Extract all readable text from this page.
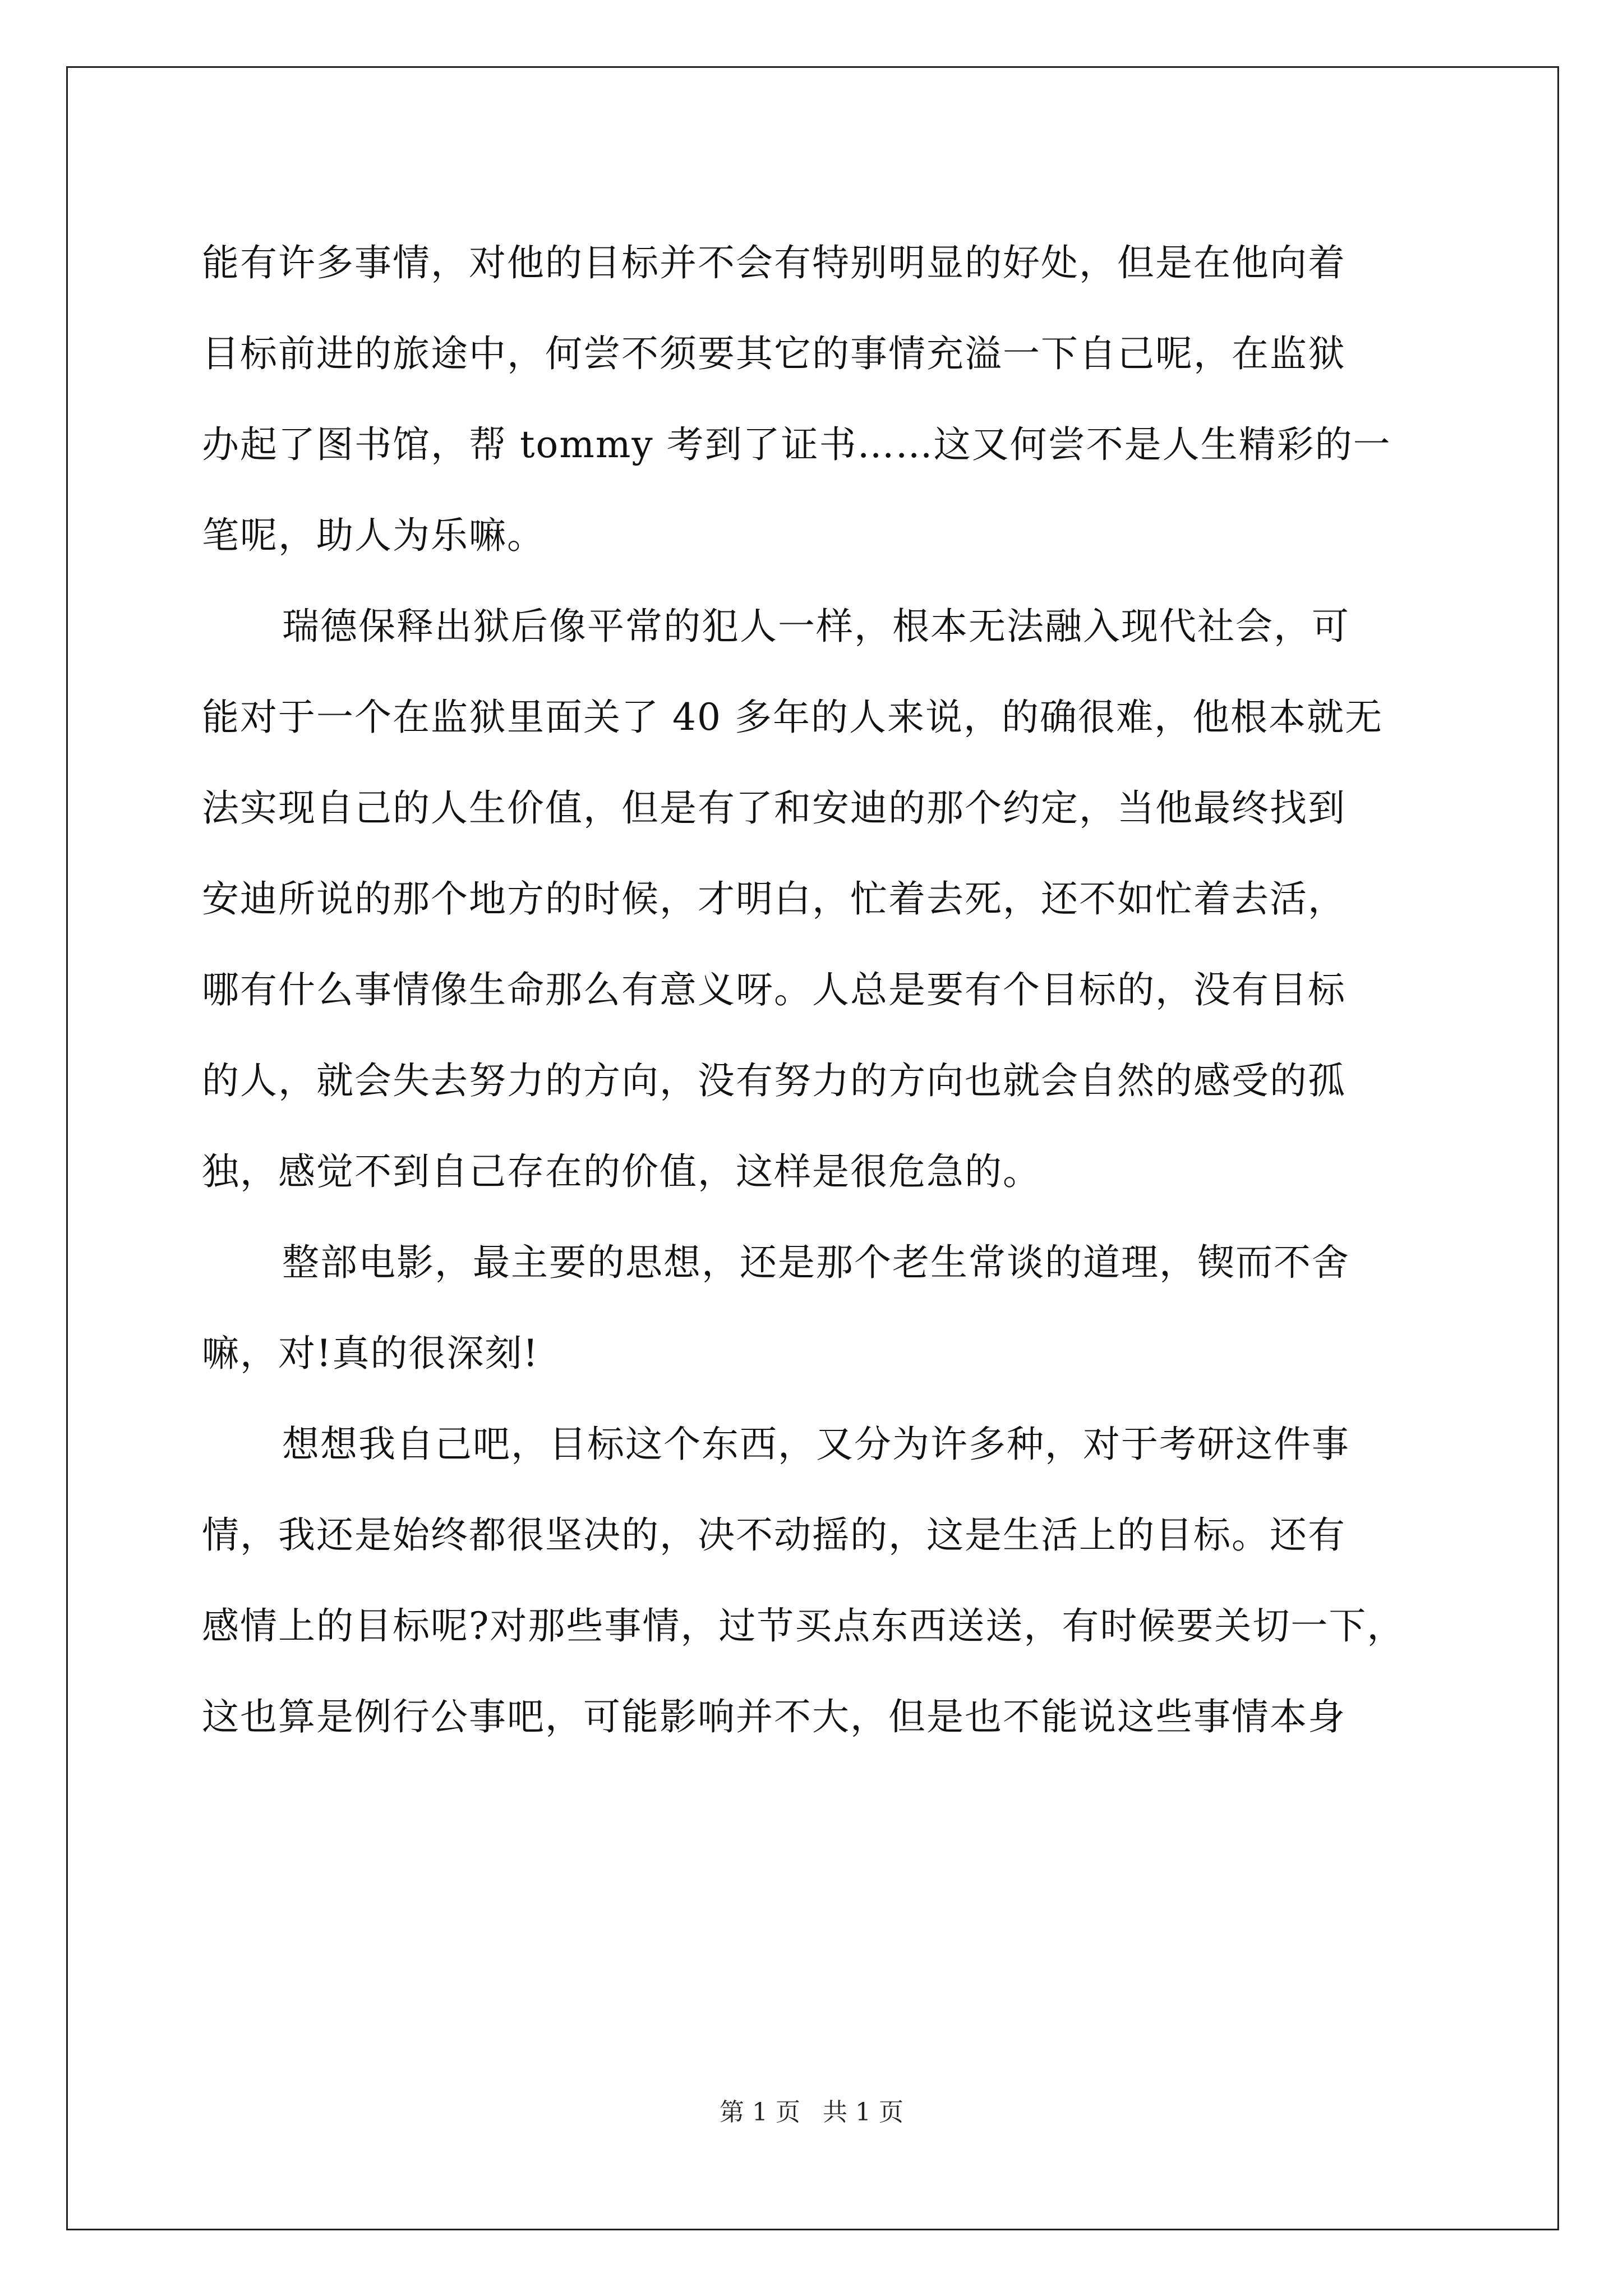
能有许多事情，对他的目标并不会有特别明显的好处，但是在他向着
目标前进的旅途中，何尝不须要其它的事情充溢一下自己呢，在监狱
办起了图书馆，帮 tommy 考到了证书……这又何尝不是人生精彩的一
笔呢，助人为乐嘛。
瑞德保释出狱后像平常的犯人一样，根本无法融入现代社会，可
能对于一个在监狱里面关了 40 多年的人来说，的确很难，他根本就无
法实现自己的人生价值，但是有了和安迪的那个约定，当他最终找到
安迪所说的那个地方的时候，才明白，忙着去死，还不如忙着去活，
哪有什么事情像生命那么有意义呀。人总是要有个目标的，没有目标
的人，就会失去努力的方向，没有努力的方向也就会自然的感受的孤
独，感觉不到自己存在的价值，这样是很危急的。
整部电影，最主要的思想，还是那个老生常谈的道理，锲而不舍
嘛，对!真的很深刻!
想想我自己吧，目标这个东西，又分为许多种，对于考研这件事
情，我还是始终都很坚决的，决不动摇的，这是生活上的目标。还有
感情上的目标呢?对那些事情，过节买点东西送送，有时候要关切一下，
这也算是例行公事吧，可能影响并不大，但是也不能说这些事情本身
第 1 页 共 1 页
